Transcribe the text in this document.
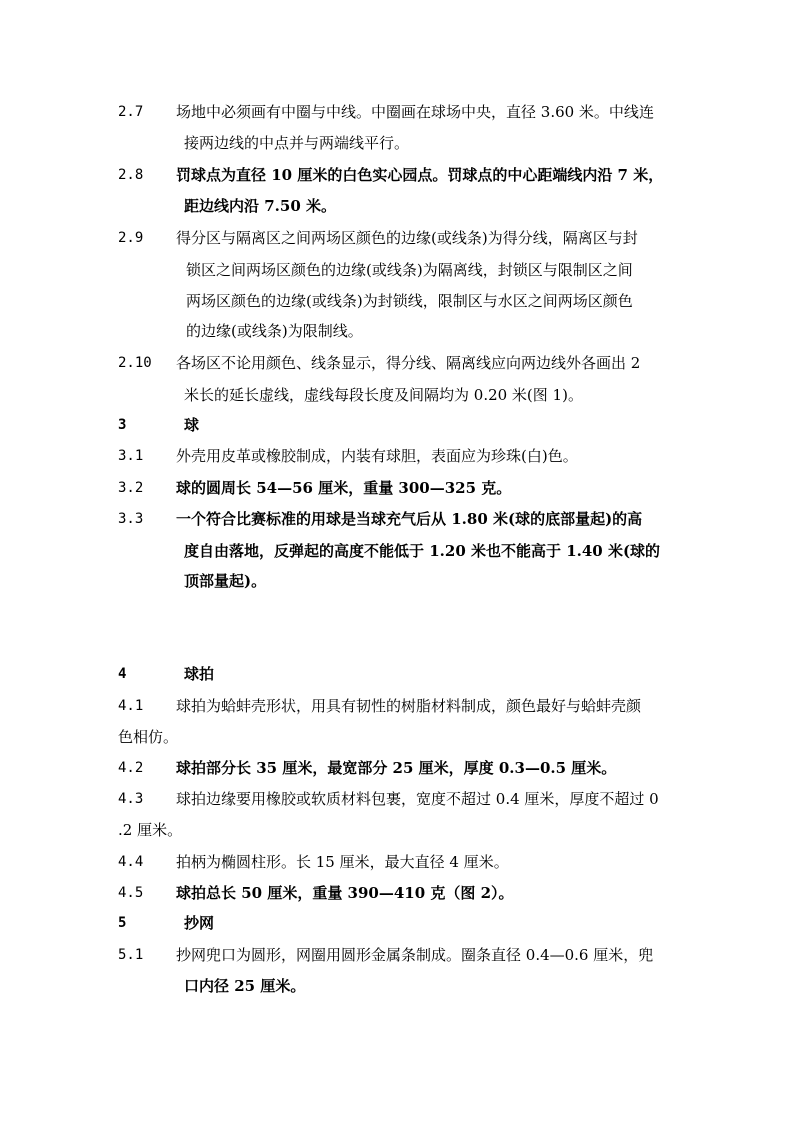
2.7 场地中必须画有中圈与中线。中圈画在球场中央，直径 3.60 米。中线连
接两边线的中点并与两端线平行。
2.8 罚球点为直径 10 厘米的白色实心园点。罚球点的中心距端线内沿 7 米，
距边线内沿 7.50 米。
2.9 得分区与隔离区之间两场区颜色的边缘(或线条)为得分线，隔离区与封
锁区之间两场区颜色的边缘(或线条)为隔离线，封锁区与限制区之间
两场区颜色的边缘(或线条)为封锁线，限制区与水区之间两场区颜色
的边缘(或线条)为限制线。
2.10 各场区不论用颜色、线条显示，得分线、隔离线应向两边线外各画出 2
米长的延长虚线，虚线每段长度及间隔均为 0.20 米(图 1)。
3	球
3.1 外壳用皮革或橡胶制成，内装有球胆，表面应为珍珠(白)色。
3.2 球的圆周长 54—56 厘米，重量 300—325 克。
3.3 一个符合比赛标准的用球是当球充气后从 1.80 米(球的底部量起)的高
度自由落地，反弹起的高度不能低于 1.20 米也不能高于 1.40 米(球的
顶部量起)。
4	球拍
4.1 球拍为蛤蚌壳形状，用具有韧性的树脂材料制成，颜色最好与蛤蚌壳颜
色相仿。
4.2 球拍部分长 35 厘米，最宽部分 25 厘米，厚度 0.3—0.5 厘米。
4.3 球拍边缘要用橡胶或软质材料包裹，宽度不超过 0.4 厘米，厚度不超过 0
.2 厘米。
4.4 拍柄为椭圆柱形。长 15 厘米，最大直径 4 厘米。
4.5 球拍总长 50 厘米，重量 390—410 克（图 2）。
5	抄网
5.1 抄网兜口为圆形，网圈用圆形金属条制成。圈条直径 0.4—0.6 厘米，兜
口内径 25 厘米。
